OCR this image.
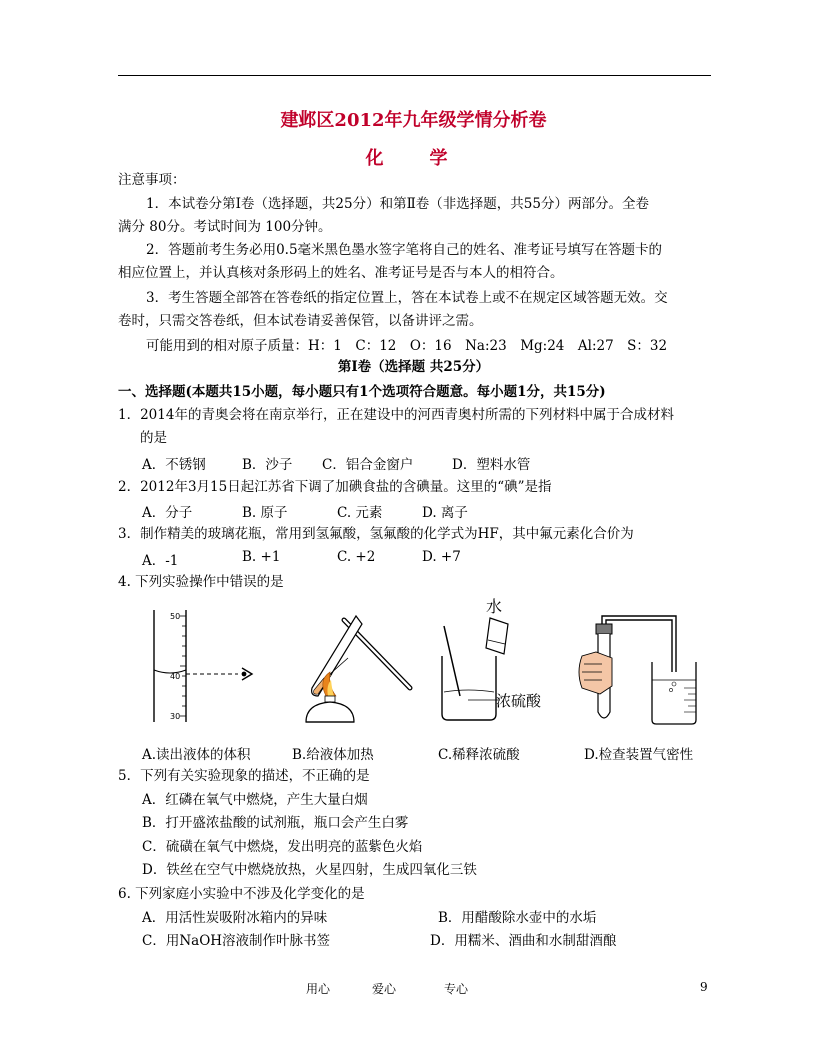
建邺区2012年九年级学情分析卷
化　学
注意事项：
1．本试卷分第Ⅰ卷（选择题，共25分）和第Ⅱ卷（非选择题，共55分）两部分。全卷
满分 80分。考试时间为 100分钟。
2．答题前考生务必用0.5毫米黑色墨水签字笔将自己的姓名、准考证号填写在答题卡的
相应位置上，并认真核对条形码上的姓名、准考证号是否与本人的相符合。
3．考生答题全部答在答卷纸的指定位置上，答在本试卷上或不在规定区域答题无效。交
卷时，只需交答卷纸，但本试卷请妥善保管，以备讲评之需。
可能用到的相对原子质量：H：1　C：12　O：16　Na:23　Mg:24　Al:27　S：32
第Ⅰ卷（选择题 共25分）
一、选择题(本题共15小题，每小题只有1个选项符合题意。每小题1分，共15分)
1．2014年的青奥会将在南京举行，正在建设中的河西青奥村所需的下列材料中属于合成材料
的是
A．不锈钢	B．沙子 C．铝合金窗户	D．塑料水管
2．2012年3月15日起江苏省下调了加碘食盐的含碘量。这里的“碘”是指
A．分子	B. 原子	C. 元素	D. 离子
3．制作精美的玻璃花瓶，常用到氢氟酸，氢氟酸的化学式为HF，其中氟元素化合价为
A．-1	B. +1	C. +2	D. +7
4. 下列实验操作中错误的是
50
40
30
水
浓硫酸
A.读出液体的体积	B.给液体加热	C.稀释浓硫酸	D.检查装置气密性
5．下列有关实验现象的描述，不正确的是
A．红磷在氧气中燃烧，产生大量白烟
B．打开盛浓盐酸的试剂瓶，瓶口会产生白雾
C．硫磺在氧气中燃烧，发出明亮的蓝紫色火焰
D．铁丝在空气中燃烧放热，火星四射，生成四氧化三铁
6. 下列家庭小实验中不涉及化学变化的是
A．用活性炭吸附冰箱内的异味	B．用醋酸除水壶中的水垢
C．用NaOH溶液制作叶脉书签	D．用糯米、酒曲和水制甜酒酿
用心	爱心	专心	9
